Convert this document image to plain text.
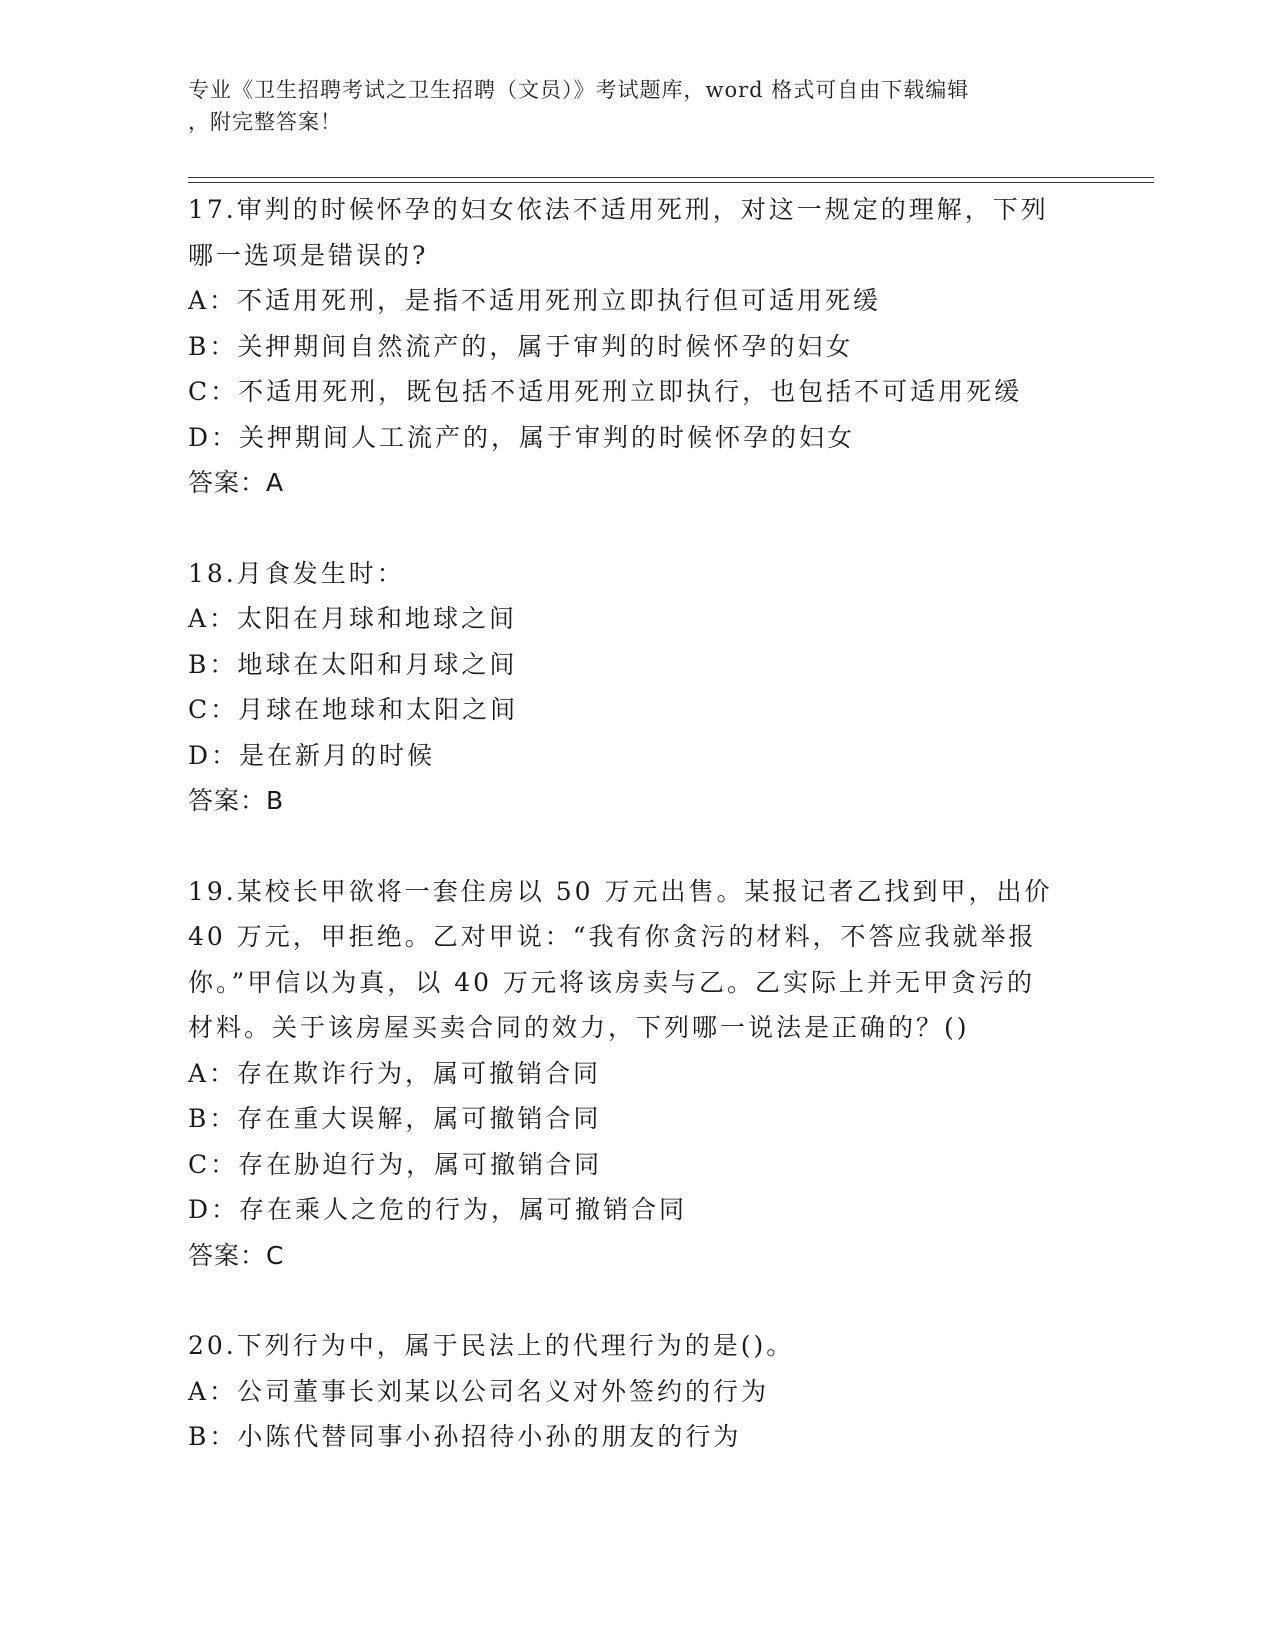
专业《卫生招聘考试之卫生招聘（文员）》考试题库，word 格式可自由下载编辑
，附完整答案！
17.审判的时候怀孕的妇女依法不适用死刑，对这一规定的理解，下列
哪一选项是错误的?
A：不适用死刑，是指不适用死刑立即执行但可适用死缓
B：关押期间自然流产的，属于审判的时候怀孕的妇女
C：不适用死刑，既包括不适用死刑立即执行，也包括不可适用死缓
D：关押期间人工流产的，属于审判的时候怀孕的妇女
答案：A
18.月食发生时：
A：太阳在月球和地球之间
B：地球在太阳和月球之间
C：月球在地球和太阳之间
D：是在新月的时候
答案：B
19.某校长甲欲将一套住房以 50 万元出售。某报记者乙找到甲，出价
40 万元，甲拒绝。乙对甲说：“我有你贪污的材料，不答应我就举报
你。”甲信以为真，以 40 万元将该房卖与乙。乙实际上并无甲贪污的
材料。关于该房屋买卖合同的效力，下列哪一说法是正确的？()
A：存在欺诈行为，属可撤销合同
B：存在重大误解，属可撤销合同
C：存在胁迫行为，属可撤销合同
D：存在乘人之危的行为，属可撤销合同
答案：C
20.下列行为中，属于民法上的代理行为的是()。
A：公司董事长刘某以公司名义对外签约的行为
B：小陈代替同事小孙招待小孙的朋友的行为
